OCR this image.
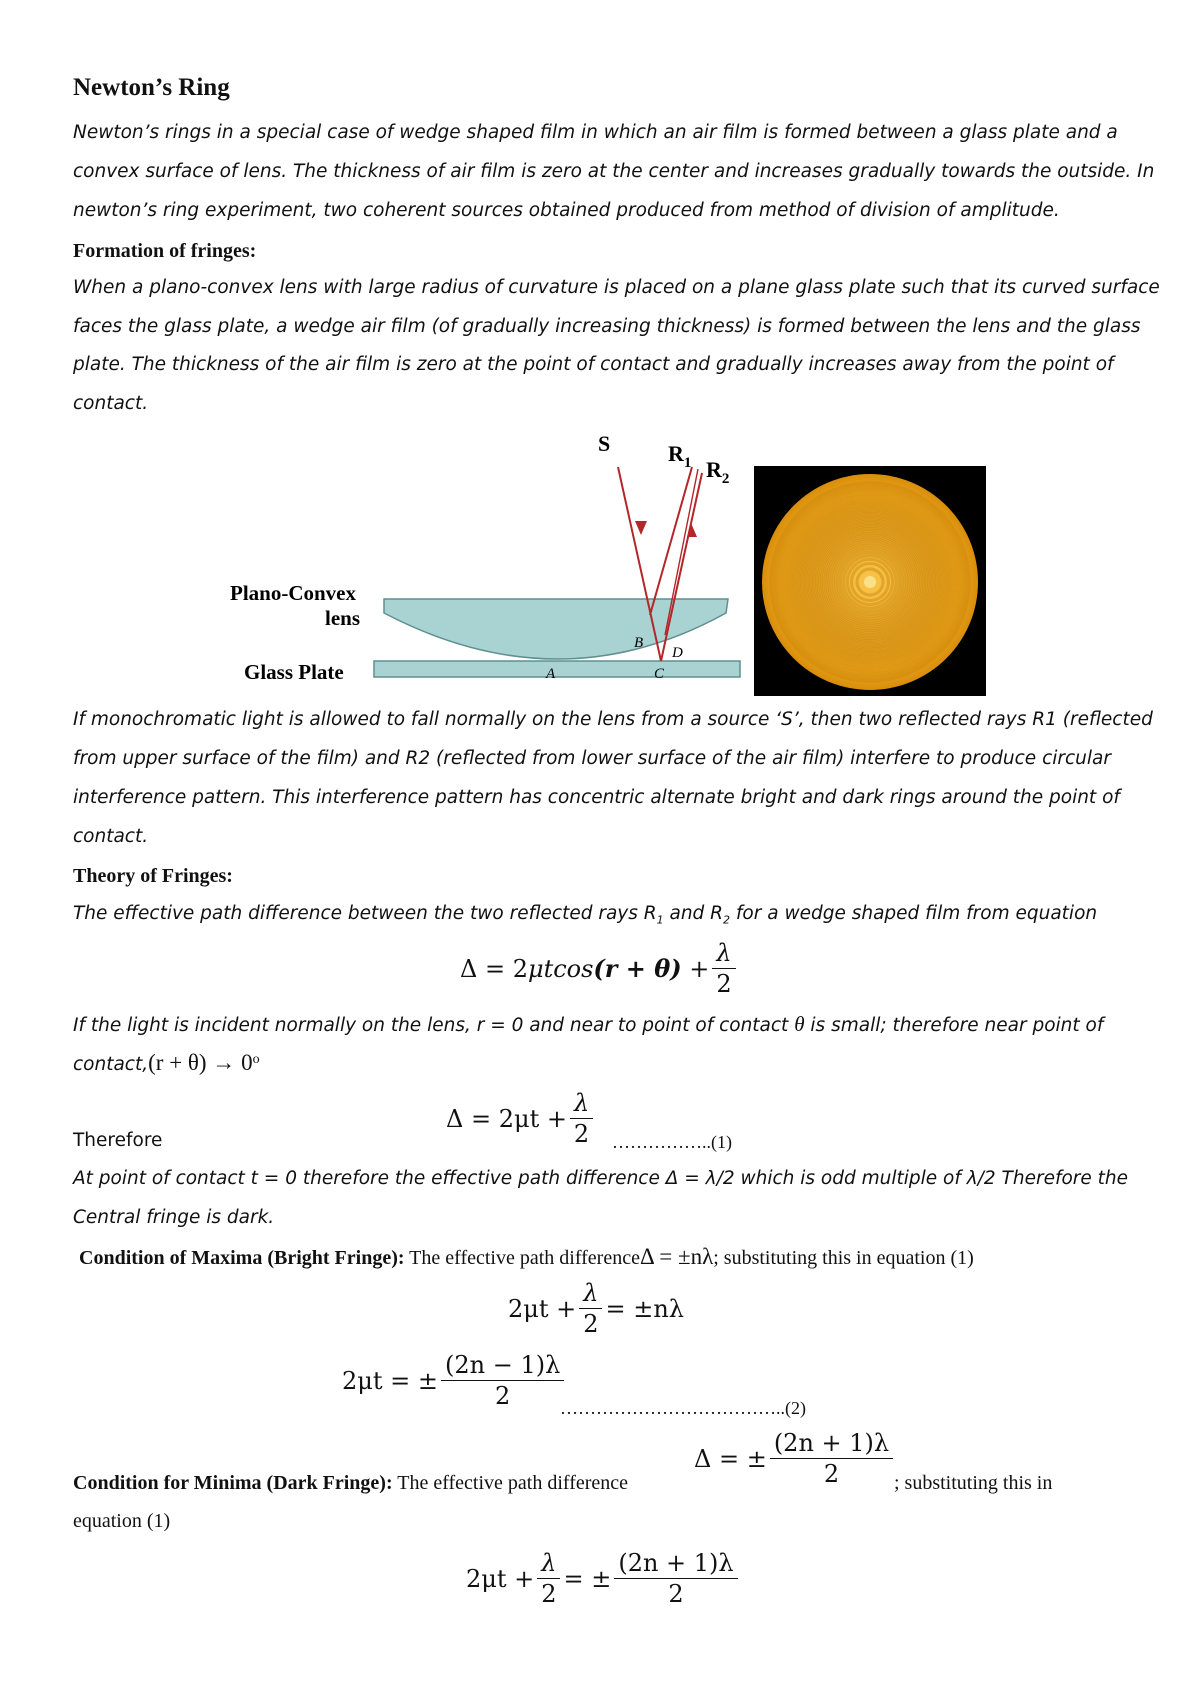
Newton’s Ring
Newton’s rings in a special case of wedge shaped film in which an air film is formed between a glass plate and a
convex surface of lens. The thickness of air film is zero at the center and increases gradually towards the outside. In
newton’s ring experiment, two coherent sources obtained produced from method of division of amplitude.
Formation of fringes:
When a plano-convex lens with large radius of curvature is placed on a plane glass plate such that its curved surface
faces the glass plate, a wedge air film (of gradually increasing thickness) is formed between the lens and the glass
plate. The thickness of the air film is zero at the point of contact and gradually increases away from the point of
contact.
S	$R_1$ $R_2$
Plano-Convex
lens
Glass Plate	A
B
C
D
If monochromatic light is allowed to fall normally on the lens from a source ‘S’, then two reflected rays R1 (reflected
from upper surface of the film) and R2 (reflected from lower surface of the air film) interfere to produce circular
interference pattern. This interference pattern has concentric alternate bright and dark rings around the point of
contact.
Theory of Fringes:
The effective path difference between the two reflected rays $R_1$ and $R_2$ for a wedge shaped film from equation
Δ = 2 μtcos (r + θ)
+ $\frac{\lambda}{2}$
If the light is incident normally on the lens, r = 0 and near to point of contact θ is small; therefore near point of
contact,(r + $\theta) \to 0^o$
Therefore
$\Delta = 2\mu t + \frac{\lambda}{2}$ ……………..(1)
At point of contact t = 0 therefore the effective path difference Δ = λ/2 which is odd multiple of λ/2 Therefore the
Central fringe is dark.
Condition of Maxima (Bright Fringe): The effective path differenceΔ = ±nλ; substituting this in equation (1)
$2\mu t + \frac{\lambda}{2} = \pm n\lambda$
2μt = ± $\frac{(2n - 1)\lambda}{2}$
………………………………..(2)
Δ = ± $\frac{(2n + 1)\lambda}{2}$
Condition for Minima (Dark Fringe): The effective path difference	; substituting this in
equation (1)
$2\mu t + \frac{\lambda}{2}$ = ± $\frac{(2n + 1)\lambda}{2}$
